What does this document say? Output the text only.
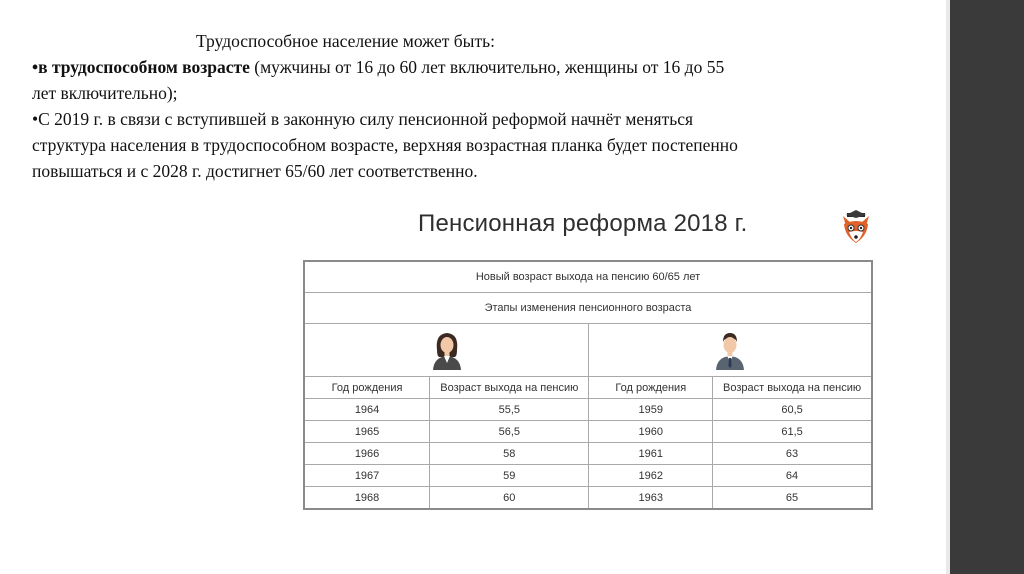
Трудоспособное население может быть:
•в трудоспособном возрасте (мужчины от 16 до 60 лет включительно, женщины от 16 до 55 лет включительно);
•С 2019 г. в связи с вступившей в законную силу пенсионной реформой начнёт меняться структура населения в трудоспособном возрасте, верхняя возрастная планка будет постепенно повышаться и с 2028 г. достигнет 65/60 лет соответственно.
Пенсионная реформа 2018 г.
Новый возраст выхода на пенсию 60/65 лет			
Этапы изменения пенсионного возраста			

Год рождения	Возраст выхода на пенсию	Год рождения	Возраст выхода на пенсию
1964	55,5	1959	60,5
1965	56,5	1960	61,5
1966	58	1961	63
1967	59	1962	64
1968	60	1963	65
